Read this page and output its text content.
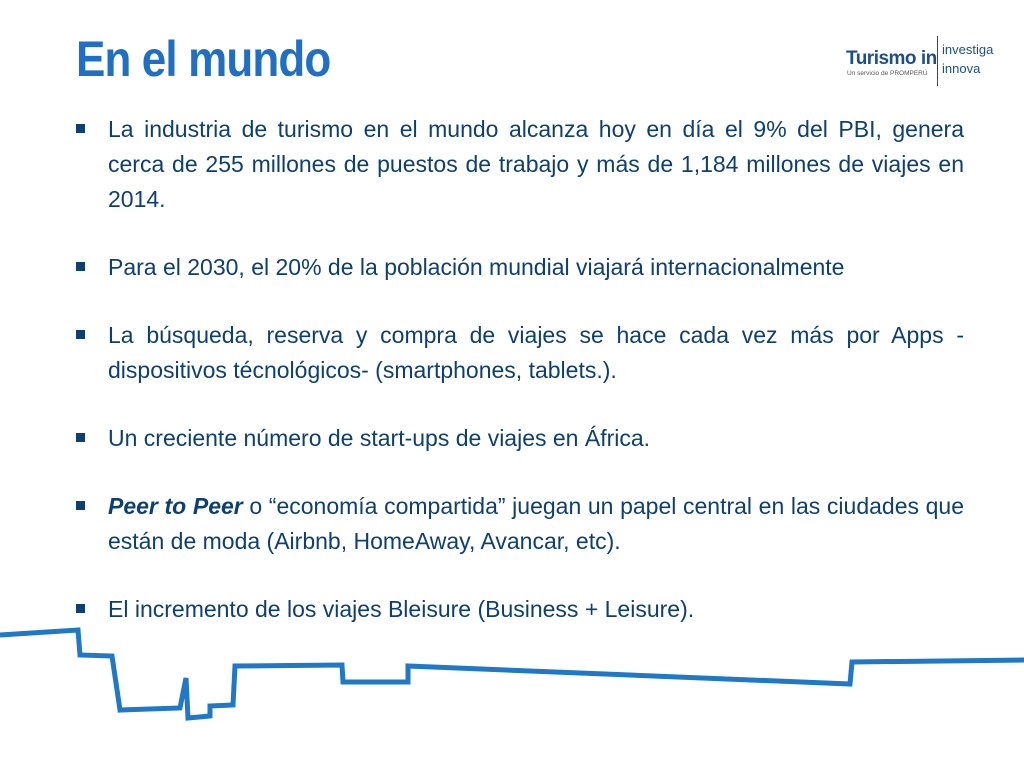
En el mundo	Turismo in
Un servicio de PROMPERÚ
investiga
innova
La industria de turismo en el mundo alcanza hoy en día el 9% del PBI, genera cerca de 255 millones de puestos de trabajo y más de 1,184 millones de viajes en 2014.
Para el 2030, el 20% de la población mundial viajará internacionalmente
La búsqueda, reserva y compra de viajes se hace cada vez más por Apps - dispositivos técnológicos- (smartphones, tablets.).
Un creciente número de start-ups de viajes en África.
Peer to Peer o “economía compartida” juegan un papel central en las ciudades que están de moda (Airbnb, HomeAway, Avancar, etc).
El incremento de los viajes Bleisure (Business + Leisure).
